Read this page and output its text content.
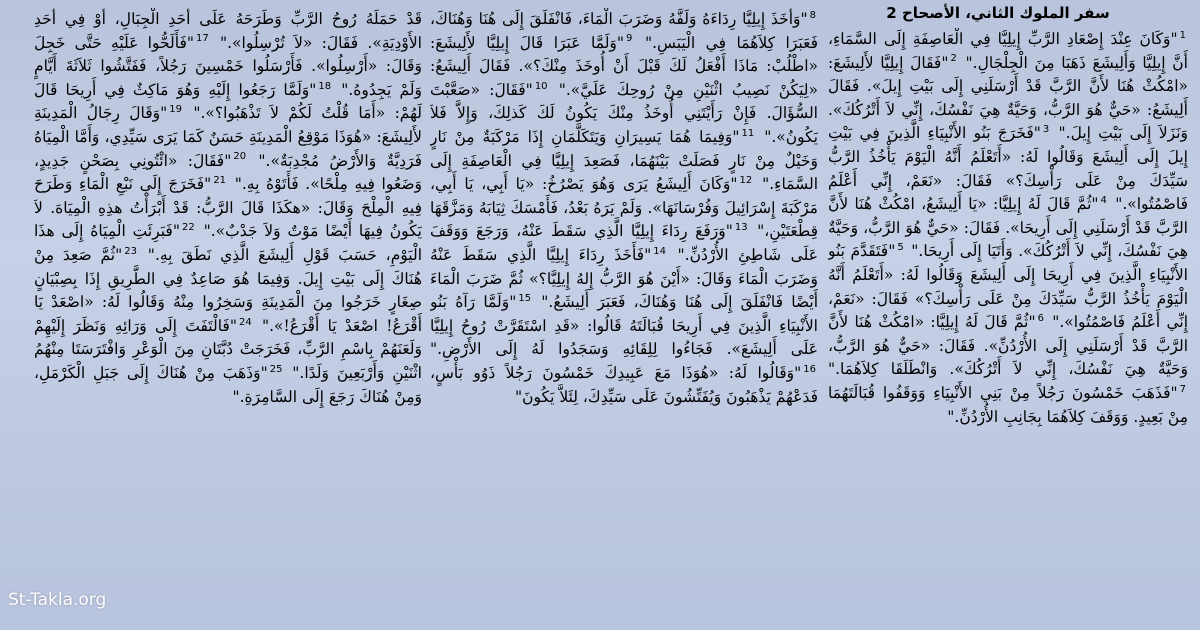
سفر الملوك الثاني، الأصحاح 2
$^1$"وَكَانَ عِنْدَ إِصْعَادِ الرَّبِّ إِيلِيَّا فِي الْعَاصِفَةِ إِلَى السَّمَاءِ، أَنَّ إِيلِيَّا وَأَلِيشَعَ ذَهَبَا مِنَ الْجِلْجَالِ." $^2$"فَقَالَ إِيلِيَّا لأَلِيشَعَ: «امْكُثْ هُنَا لأَنَّ الرَّبَّ قَدْ أَرْسَلَنِي إِلَى بَيْتِ إِيلَ». فَقَالَ أَلِيشَعُ: «حَيٌّ هُوَ الرَّبُّ، وَحَيَّةٌ هِيَ نَفْسُكَ، إِنِّي لاَ أَتْرُكُكَ». وَنَزَلاَ إِلَى بَيْتِ إِيلَ." $^3$"فَخَرَجَ بَنُو الأَنْبِيَاءِ الَّذِينَ فِي بَيْتِ إِيلَ إِلَى أَلِيشَعَ وَقَالُوا لَهُ: «أَتَعْلَمُ أَنَّهُ الْيَوْمَ يَأْخُذُ الرَّبُّ سَيِّدَكَ مِنْ عَلَى رَأْسِكَ؟» فَقَالَ: «نَعَمْ، إِنِّي أَعْلَمُ فَاصْمُتُوا»." $^4$"ثُمَّ قَالَ لَهُ إِيلِيَّا: «يَا أَلِيشَعُ، امْكُثْ هُنَا لأَنَّ الرَّبَّ قَدْ أَرْسَلَنِي إِلَى أَرِيحَا». فَقَالَ: «حَيٌّ هُوَ الرَّبُّ، وَحَيَّةٌ هِيَ نَفْسُكَ، إِنِّي لاَ أَتْرُكُكَ». وَأَتَيَا إِلَى أَرِيحَا." $^5$"فَتَقَدَّمَ بَنُو الأَنْبِيَاءِ الَّذِينَ فِي أَرِيحَا إِلَى أَلِيشَعَ وَقَالُوا لَهُ: «أَتَعْلَمُ أَنَّهُ الْيَوْمَ يَأْخُذُ الرَّبُّ سَيِّدَكَ مِنْ عَلَى رَأْسِكَ؟» فَقَالَ: «نَعَمْ، إِنِّي أَعْلَمُ فَاصْمُتُوا»." $^6$"ثُمَّ قَالَ لَهُ إِيلِيَّا: «امْكُثْ هُنَا لأَنَّ الرَّبَّ قَدْ أَرْسَلَنِي إِلَى الأُرْدُنِّ». فَقَالَ: «حَيٌّ هُوَ الرَّبُّ، وَحَيَّةٌ هِيَ نَفْسُكَ، إِنِّي لاَ أَتْرُكُكَ». وَانْطَلَقَا كِلاَهُمَا." $^7$"فَذَهَبَ خَمْسُونَ رَجُلاً مِنْ بَنِي الأَنْبِيَاءِ وَوَقَفُوا قُبَالَتَهُمَا مِنْ بَعِيدٍ. وَوَقَفَ كِلاَهُمَا بِجَانِبِ الأُرْدُنِّ."
$^8$"وَأَخَذَ إِيلِيَّا رِدَاءَهُ وَلَفَّهُ وَضَرَبَ الْمَاءَ، فَانْفَلَقَ إِلَى هُنَا وَهُنَاكَ، فَعَبَرَا كِلاَهُمَا فِي الْيَبَسِ." $^9$"وَلَمَّا عَبَرَا قَالَ إِيلِيَّا لأَلِيشَعَ: «اطْلُبْ: مَاذَا أَفْعَلُ لَكَ قَبْلَ أَنْ أُوخَذَ مِنْكَ؟». فَقَالَ أَلِيشَعُ: «لِيَكُنْ نَصِيبُ اثْنَيْنِ مِنْ رُوحِكَ عَلَيَّ»." $^{10}$"فَقَالَ: «صَعَّبْتَ السُّؤَالَ. فَإِنْ رَأَيْتَنِي أُوخَذُ مِنْكَ يَكُونُ لَكَ كَذلِكَ، وَإِلاَّ فَلاَ يَكُونُ»." $^{11}$"وَفِيمَا هُمَا يَسِيرَانِ وَيَتَكَلَّمَانِ إِذَا مَرْكَبَةٌ مِنْ نَارٍ وَخَيْلٌ مِنْ نَارٍ فَصَلَتْ بَيْنَهُمَا، فَصَعِدَ إِيلِيَّا فِي الْعَاصِفَةِ إِلَى السَّمَاءِ." $^{12}$"وَكَانَ أَلِيشَعُ يَرَى وَهُوَ يَصْرُخُ: «يَا أَبِي، يَا أَبِي، مَرْكَبَةَ إِسْرَائِيلَ وَفُرْسَانَهَا». وَلَمْ يَرَهُ بَعْدُ، فَأَمْسَكَ ثِيَابَهُ وَمَزَّقَهَا قِطْعَتَيْنِ،" $^{13}$"وَرَفَعَ رِدَاءَ إِيلِيَّا الَّذِي سَقَطَ عَنْهُ، وَرَجَعَ وَوَقَفَ عَلَى شَاطِئِ الأُرْدُنِّ." $^{14}$"فَأَخَذَ رِدَاءَ إِيلِيَّا الَّذِي سَقَطَ عَنْهُ وَضَرَبَ الْمَاءَ وَقَالَ: «أَيْنَ هُوَ الرَّبُّ إِلهُ إِيلِيَّا؟» ثُمَّ ضَرَبَ الْمَاءَ أَيْضًا فَانْفَلَقَ إِلَى هُنَا وَهُنَاكَ، فَعَبَرَ أَلِيشَعُ." $^{15}$"وَلَمَّا رَآهُ بَنُو الأَنْبِيَاءِ الَّذِينَ فِي أَرِيحَا قُبَالَتَهُ قَالُوا: «قَدِ اسْتَقَرَّتْ رُوحُ إِيلِيَّا عَلَى أَلِيشَعَ». فَجَاءُوا لِلِقَائِهِ وَسَجَدُوا لَهُ إِلَى الأَرْضِ." $^{16}$"وَقَالُوا لَهُ: «هُوَذَا مَعَ عَبِيدِكَ خَمْسُونَ رَجُلاً ذَوُو بَأْسٍ، فَدَعْهُمْ يَذْهَبُونَ وَيُفَتِّشُونَ عَلَى سَيِّدِكَ، لِئَلاَّ يَكُونَ"
قَدْ حَمَلَهُ رُوحُ الرَّبِّ وَطَرَحَهُ عَلَى أَحَدِ الْجِبَالِ، أَوْ فِي أَحَدِ الأَوْدِيَةِ». فَقَالَ: «لاَ تُرْسِلُوا»." $^{17}$"فَأَلَحُّوا عَلَيْهِ حَتَّى خَجِلَ وَقَالَ: «أَرْسِلُوا». فَأَرْسَلُوا خَمْسِينَ رَجُلاً، فَفَتَّشُوا ثَلاَثَةَ أَيَّامٍ وَلَمْ يَجِدُوهُ." $^{18}$"وَلَمَّا رَجَعُوا إِلَيْهِ وَهُوَ مَاكِثٌ فِي أَرِيحَا قَالَ لَهُمْ: «أَمَا قُلْتُ لَكُمْ لاَ تَذْهَبُوا؟»." $^{19}$"وَقَالَ رِجَالُ الْمَدِينَةِ لأَلِيشَعَ: «هُوَذَا مَوْقِعُ الْمَدِينَةِ حَسَنٌ كَمَا يَرَى سَيِّدِي، وَأَمَّا الْمِيَاهُ فَرَدِيَّةٌ وَالأَرْضُ مُجْدِبَةٌ»." $^{20}$"فَقَالَ: «ائْتُونِي بِصَحْنٍ جَدِيدٍ، وَضَعُوا فِيهِ مِلْحًا». فَأَتَوْهُ بِهِ." $^{21}$"فَخَرَجَ إِلَى نَبْعِ الْمَاءِ وَطَرَحَ فِيهِ الْمِلْحَ وَقَالَ: «هكَذَا قَالَ الرَّبُّ: قَدْ أَبْرَأْتُ هذِهِ الْمِيَاهَ. لاَ يَكُونُ فِيهَا أَيْضًا مَوْتٌ وَلاَ جَدْبٌ»." $^{22}$"فَبَرِئَتِ الْمِيَاهُ إِلَى هذَا الْيَوْمِ، حَسَبَ قَوْلِ أَلِيشَعَ الَّذِي نَطَقَ بِهِ." $^{23}$"ثُمَّ صَعِدَ مِنْ هُنَاكَ إِلَى بَيْتِ إِيلَ. وَفِيمَا هُوَ صَاعِدٌ فِي الطَّرِيقِ إِذَا بِصِبْيَانٍ صِغَارٍ خَرَجُوا مِنَ الْمَدِينَةِ وَسَخِرُوا مِنْهُ وَقَالُوا لَهُ: «اصْعَدْ يَا أَقْرَعُ! اصْعَدْ يَا أَقْرَعُ!»." $^{24}$"فَالْتَفَتَ إِلَى وَرَائِهِ وَنَظَرَ إِلَيْهِمْ وَلَعَنَهُمْ بِاسْمِ الرَّبِّ، فَخَرَجَتْ دُبَّتَانِ مِنَ الْوَعْرِ وَافْتَرَسَتَا مِنْهُمُ اثْنَيْنِ وَأَرْبَعِينَ وَلَدًا." $^{25}$"وَذَهَبَ مِنْ هُنَاكَ إِلَى جَبَلِ الْكَرْمَلِ، وَمِنْ هُنَاكَ رَجَعَ إِلَى السَّامِرَةِ."
St-Takla.org
